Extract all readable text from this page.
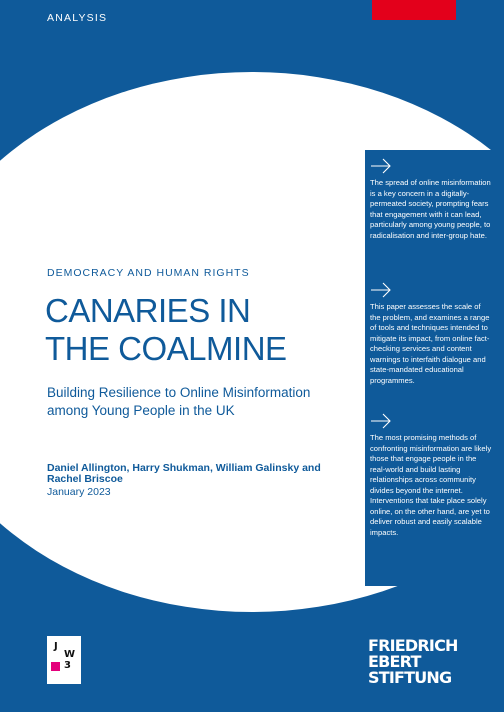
ANALYSIS
DEMOCRACY AND HUMAN RIGHTS
CANARIES IN
THE COALMINE

Building Resilience to Online Misinformation among Young People in the UK

Daniel Allington, Harry Shukman, William Galinsky and Rachel Briscoe

January 2023

The spread of online misinformation is a key concern in a digitally-permeated society, prompting fears that engagement with it can lead, particularly among young people, to radicalisation and inter-group hate.

This paper assesses the scale of the problem, and examines a range of tools and techniques intended to mitigate its impact, from online fact-checking services and content warnings to interfaith dialogue and state-mandated educational programmes.

The most promising methods of confronting misinformation are likely those that engage people in the real-world and build lasting relationships across community divides beyond the internet. Interventions that take place solely online, on the other hand, are yet to deliver robust and easily scalable impacts.

J
W
3
FRIEDRICH
EBERT
STIFTUNG
